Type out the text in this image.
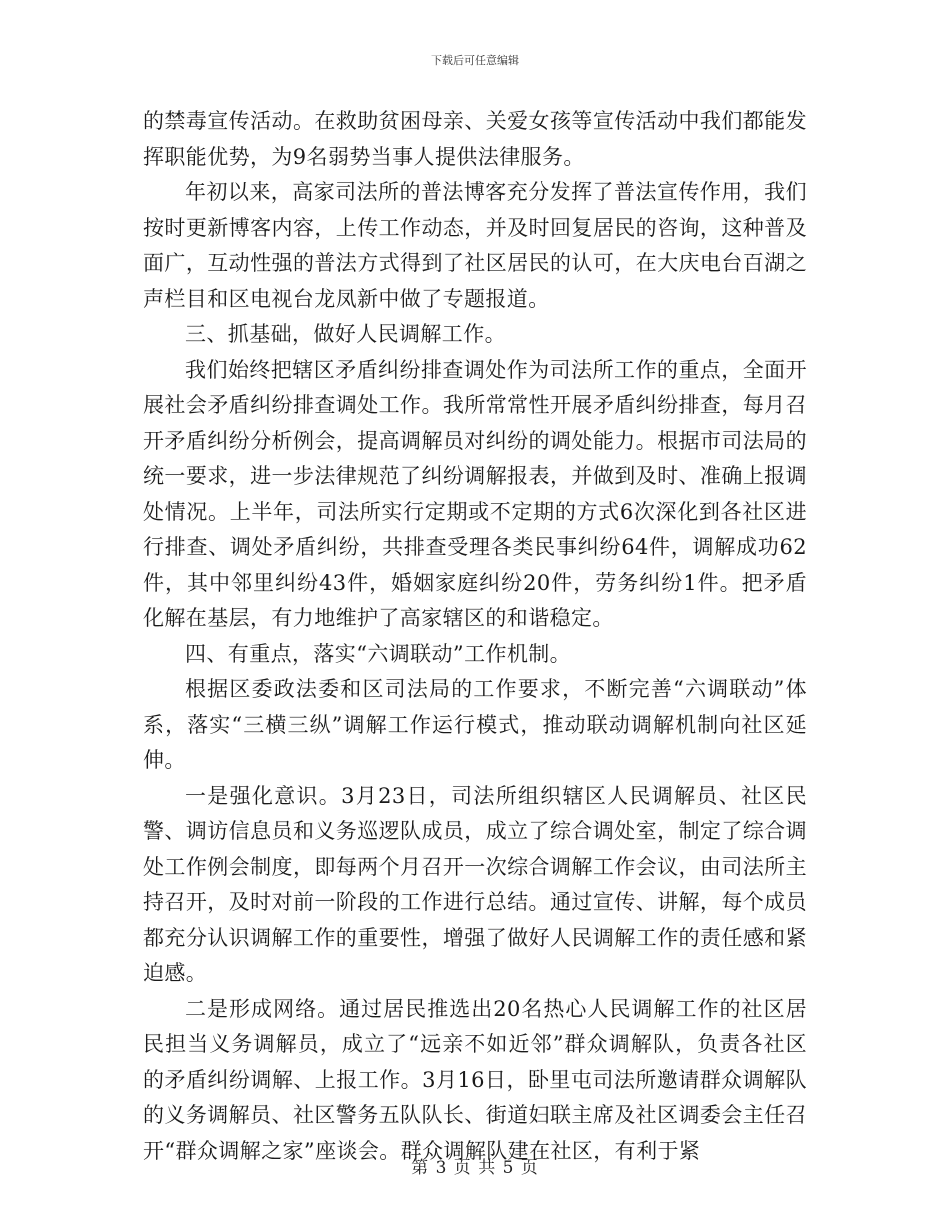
下载后可任意编辑

的禁毒宣传活动。在救助贫困母亲、关爱女孩等宣传活动中我们都能发挥职能优势，为9名弱势当事人提供法律服务。

年初以来，高家司法所的普法博客充分发挥了普法宣传作用，我们按时更新博客内容，上传工作动态，并及时回复居民的咨询，这种普及面广，互动性强的普法方式得到了社区居民的认可，在大庆电台百湖之声栏目和区电视台龙凤新中做了专题报道。

三、抓基础，做好人民调解工作。

我们始终把辖区矛盾纠纷排查调处作为司法所工作的重点，全面开展社会矛盾纠纷排查调处工作。我所常常性开展矛盾纠纷排查，每月召开矛盾纠纷分析例会，提高调解员对纠纷的调处能力。根据市司法局的统一要求，进一步法律规范了纠纷调解报表，并做到及时、准确上报调处情况。上半年，司法所实行定期或不定期的方式6次深化到各社区进行排查、调处矛盾纠纷，共排查受理各类民事纠纷64件，调解成功62件，其中邻里纠纷43件，婚姻家庭纠纷20件，劳务纠纷1件。把矛盾化解在基层，有力地维护了高家辖区的和谐稳定。

四、有重点，落实“六调联动”工作机制。

根据区委政法委和区司法局的工作要求，不断完善“六调联动”体系，落实“三横三纵”调解工作运行模式，推动联动调解机制向社区延伸。

一是强化意识。3月23日，司法所组织辖区人民调解员、社区民警、调访信息员和义务巡逻队成员，成立了综合调处室，制定了综合调处工作例会制度，即每两个月召开一次综合调解工作会议，由司法所主持召开，及时对前一阶段的工作进行总结。通过宣传、讲解，每个成员都充分认识调解工作的重要性，增强了做好人民调解工作的责任感和紧迫感。

二是形成网络。通过居民推选出20名热心人民调解工作的社区居民担当义务调解员，成立了“远亲不如近邻”群众调解队，负责各社区的矛盾纠纷调解、上报工作。3月16日，卧里屯司法所邀请群众调解队的义务调解员、社区警务五队队长、街道妇联主席及社区调委会主任召开“群众调解之家”座谈会。群众调解队建在社区，有利于紧

第 3 页 共 5 页
